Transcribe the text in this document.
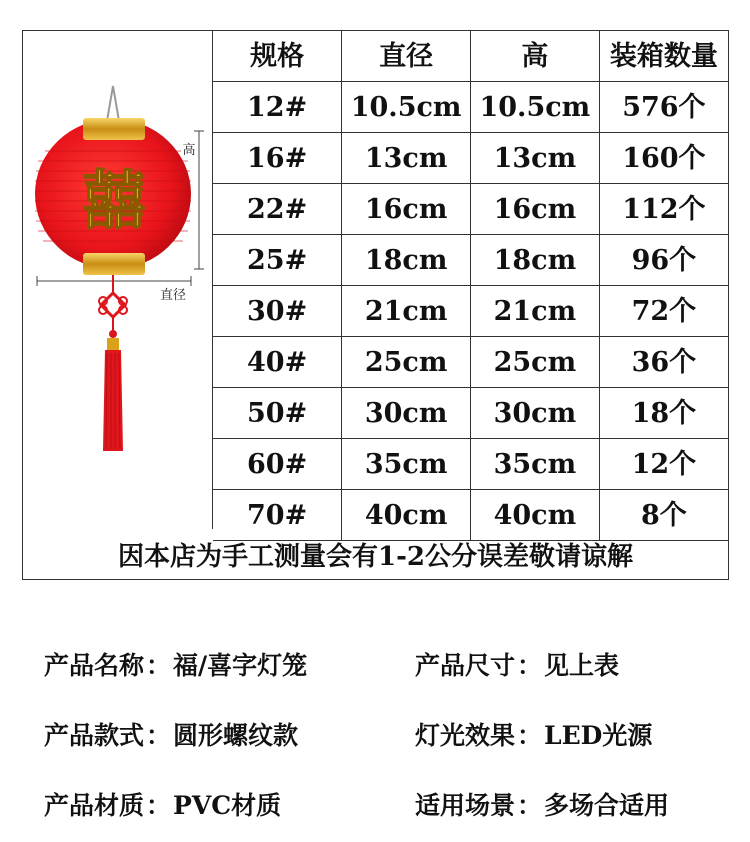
囍
高
直径
规格	直径	高	装箱数量
12#	10.5cm	10.5cm	576个
16#	13cm	13cm	160个
22#	16cm	16cm	112个
25#	18cm	18cm	96个
30#	21cm	21cm	72个
40#	25cm	25cm	36个
50#	30cm	30cm	18个
60#	35cm	35cm	12个
70#	40cm	40cm	8个
因本店为手工测量会有1-2公分误差敬请谅解
产品名称：福/喜字灯笼	产品尺寸：见上表
产品款式：圆形螺纹款	灯光效果：LED光源
产品材质：PVC材质	适用场景：多场合适用
